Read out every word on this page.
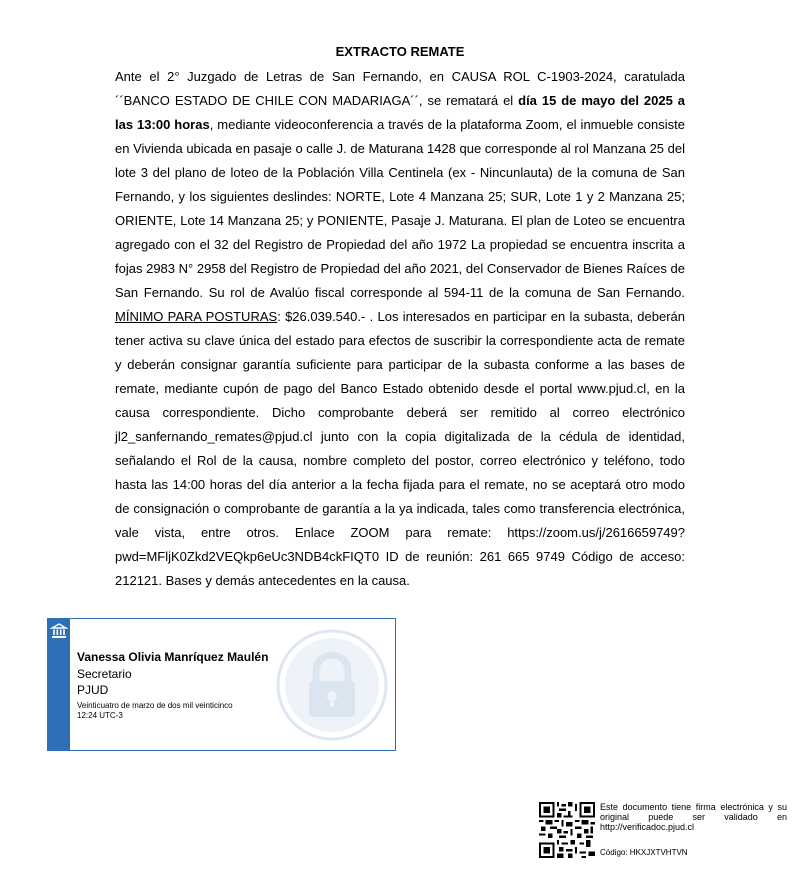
EXTRACTO REMATE
Ante el 2° Juzgado de Letras de San Fernando, en CAUSA ROL C-1903-2024, caratulada ´´BANCO ESTADO DE CHILE CON MADARIAGA´´, se rematará el día 15 de mayo del 2025 a las 13:00 horas, mediante videoconferencia a través de la plataforma Zoom, el inmueble consiste en Vivienda ubicada en pasaje o calle J. de Maturana 1428 que corresponde al rol Manzana 25 del lote 3 del plano de loteo de la Población Villa Centinela (ex - Nincunlauta) de la comuna de San Fernando, y los siguientes deslindes: NORTE, Lote 4 Manzana 25; SUR, Lote 1 y 2 Manzana 25; ORIENTE, Lote 14 Manzana 25; y PONIENTE, Pasaje J. Maturana. El plan de Loteo se encuentra agregado con el 32 del Registro de Propiedad del año 1972 La propiedad se encuentra inscrita a fojas 2983 N° 2958 del Registro de Propiedad del año 2021, del Conservador de Bienes Raíces de San Fernando. Su rol de Avalúo fiscal corresponde al 594-11 de la comuna de San Fernando. MÍNIMO PARA POSTURAS: $26.039.540.- . Los interesados en participar en la subasta, deberán tener activa su clave única del estado para efectos de suscribir la correspondiente acta de remate y deberán consignar garantía suficiente para participar de la subasta conforme a las bases de remate, mediante cupón de pago del Banco Estado obtenido desde el portal www.pjud.cl, en la causa correspondiente. Dicho comprobante deberá ser remitido al correo electrónico jl2_sanfernando_remates@pjud.cl junto con la copia digitalizada de la cédula de identidad, señalando el Rol de la causa, nombre completo del postor, correo electrónico y teléfono, todo hasta las 14:00 horas del día anterior a la fecha fijada para el remate, no se aceptará otro modo de consignación o comprobante de garantía a la ya indicada, tales como transferencia electrónica, vale vista, entre otros. Enlace ZOOM para remate: https://zoom.us/j/2616659749?pwd=MFljK0Zkd2VEQkp6eUc3NDB4ckFIQT0 ID de reunión: 261 665 9749 Código de acceso: 212121. Bases y demás antecedentes en la causa.
Vanessa Olivia Manríquez Maulén
Secretario
PJUD
Veinticuatro de marzo de dos mil veinticinco
12:24 UTC-3
Este documento tiene firma electrónica y su original puede ser validado en http://verificadoc.pjud.cl
Código: HKXJXTVHTVN
